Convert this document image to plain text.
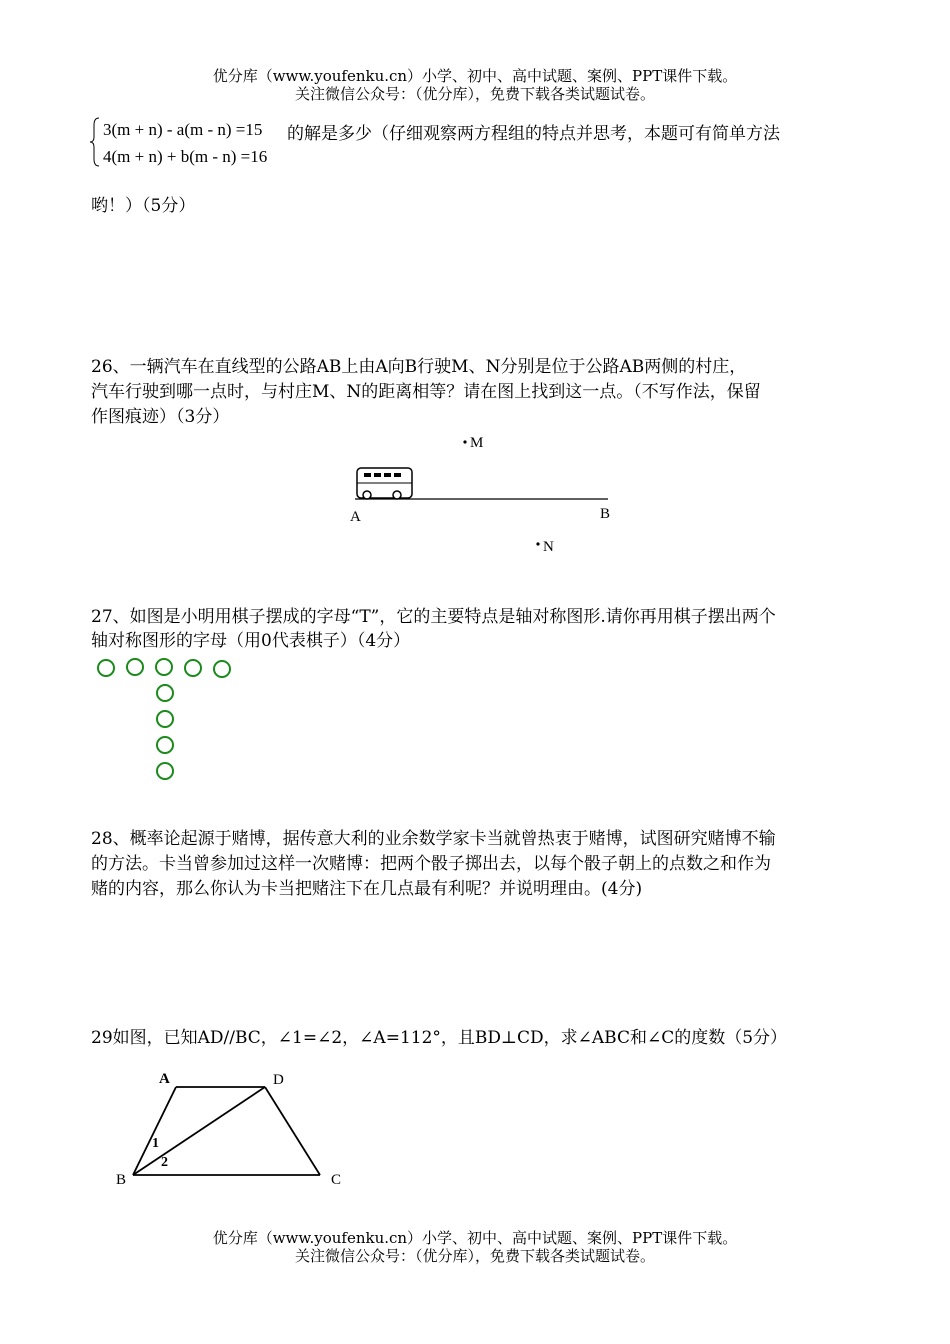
优分库（www.youfenku.cn）小学、初中、高中试题、案例、PPT课件下载。
关注微信公众号：（优分库），免费下载各类试题试卷。
3(m + n) - a(m - n) =15
4(m + n) + b(m - n) =16
的解是多少（仔细观察两方程组的特点并思考，本题可有简单方法
哟！）（5分）
26、一辆汽车在直线型的公路AB上由A向B行驶M、N分别是位于公路AB两侧的村庄，
汽车行驶到哪一点时，与村庄M、N的距离相等？请在图上找到这一点。（不写作法，保留
作图痕迹）（3分）
M
A	B
N
27、如图是小明用棋子摆成的字母“T”，它的主要特点是轴对称图形.请你再用棋子摆出两个
轴对称图形的字母（用0代表棋子）（4分）
28、概率论起源于赌博，据传意大利的业余数学家卡当就曾热衷于赌博，试图研究赌博不输
的方法。卡当曾参加过这样一次赌博：把两个骰子掷出去，以每个骰子朝上的点数之和作为
赌的内容，那么你认为卡当把赌注下在几点最有利呢？并说明理由。(4分)
29如图，已知AD//BC，∠1=∠2，∠A=112°，且BD⊥CD，求∠ABC和∠C的度数（5分）
A	D
B	C
1
2
优分库（www.youfenku.cn）小学、初中、高中试题、案例、PPT课件下载。
关注微信公众号：（优分库），免费下载各类试题试卷。
